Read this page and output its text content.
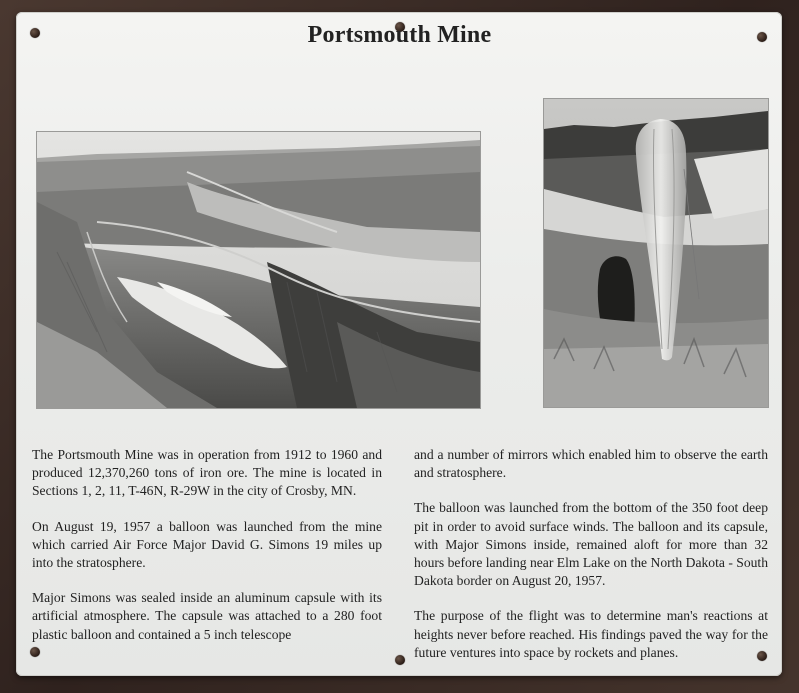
Portsmouth Mine

The Portsmouth Mine was in operation from 1912 to 1960 and produced 12,370,260 tons of iron ore. The mine is located in Sections 1, 2, 11, T-46N, R-29W in the city of Crosby, MN.

On August 19, 1957 a balloon was launched from the mine which carried Air Force Major David G. Simons 19 miles up into the stratosphere.

Major Simons was sealed inside an aluminum capsule with its artificial atmosphere. The capsule was attached to a 280 foot plastic balloon and contained a 5 inch telescope

and a number of mirrors which enabled him to observe the earth and stratosphere.

The balloon was launched from the bottom of the 350 foot deep pit in order to avoid surface winds. The balloon and its capsule, with Major Simons inside, remained aloft for more than 32 hours before landing near Elm Lake on the North Dakota - South Dakota border on August 20, 1957.

The purpose of the flight was to determine man's reactions at heights never before reached. His findings paved the way for the future ventures into space by rockets and planes.
